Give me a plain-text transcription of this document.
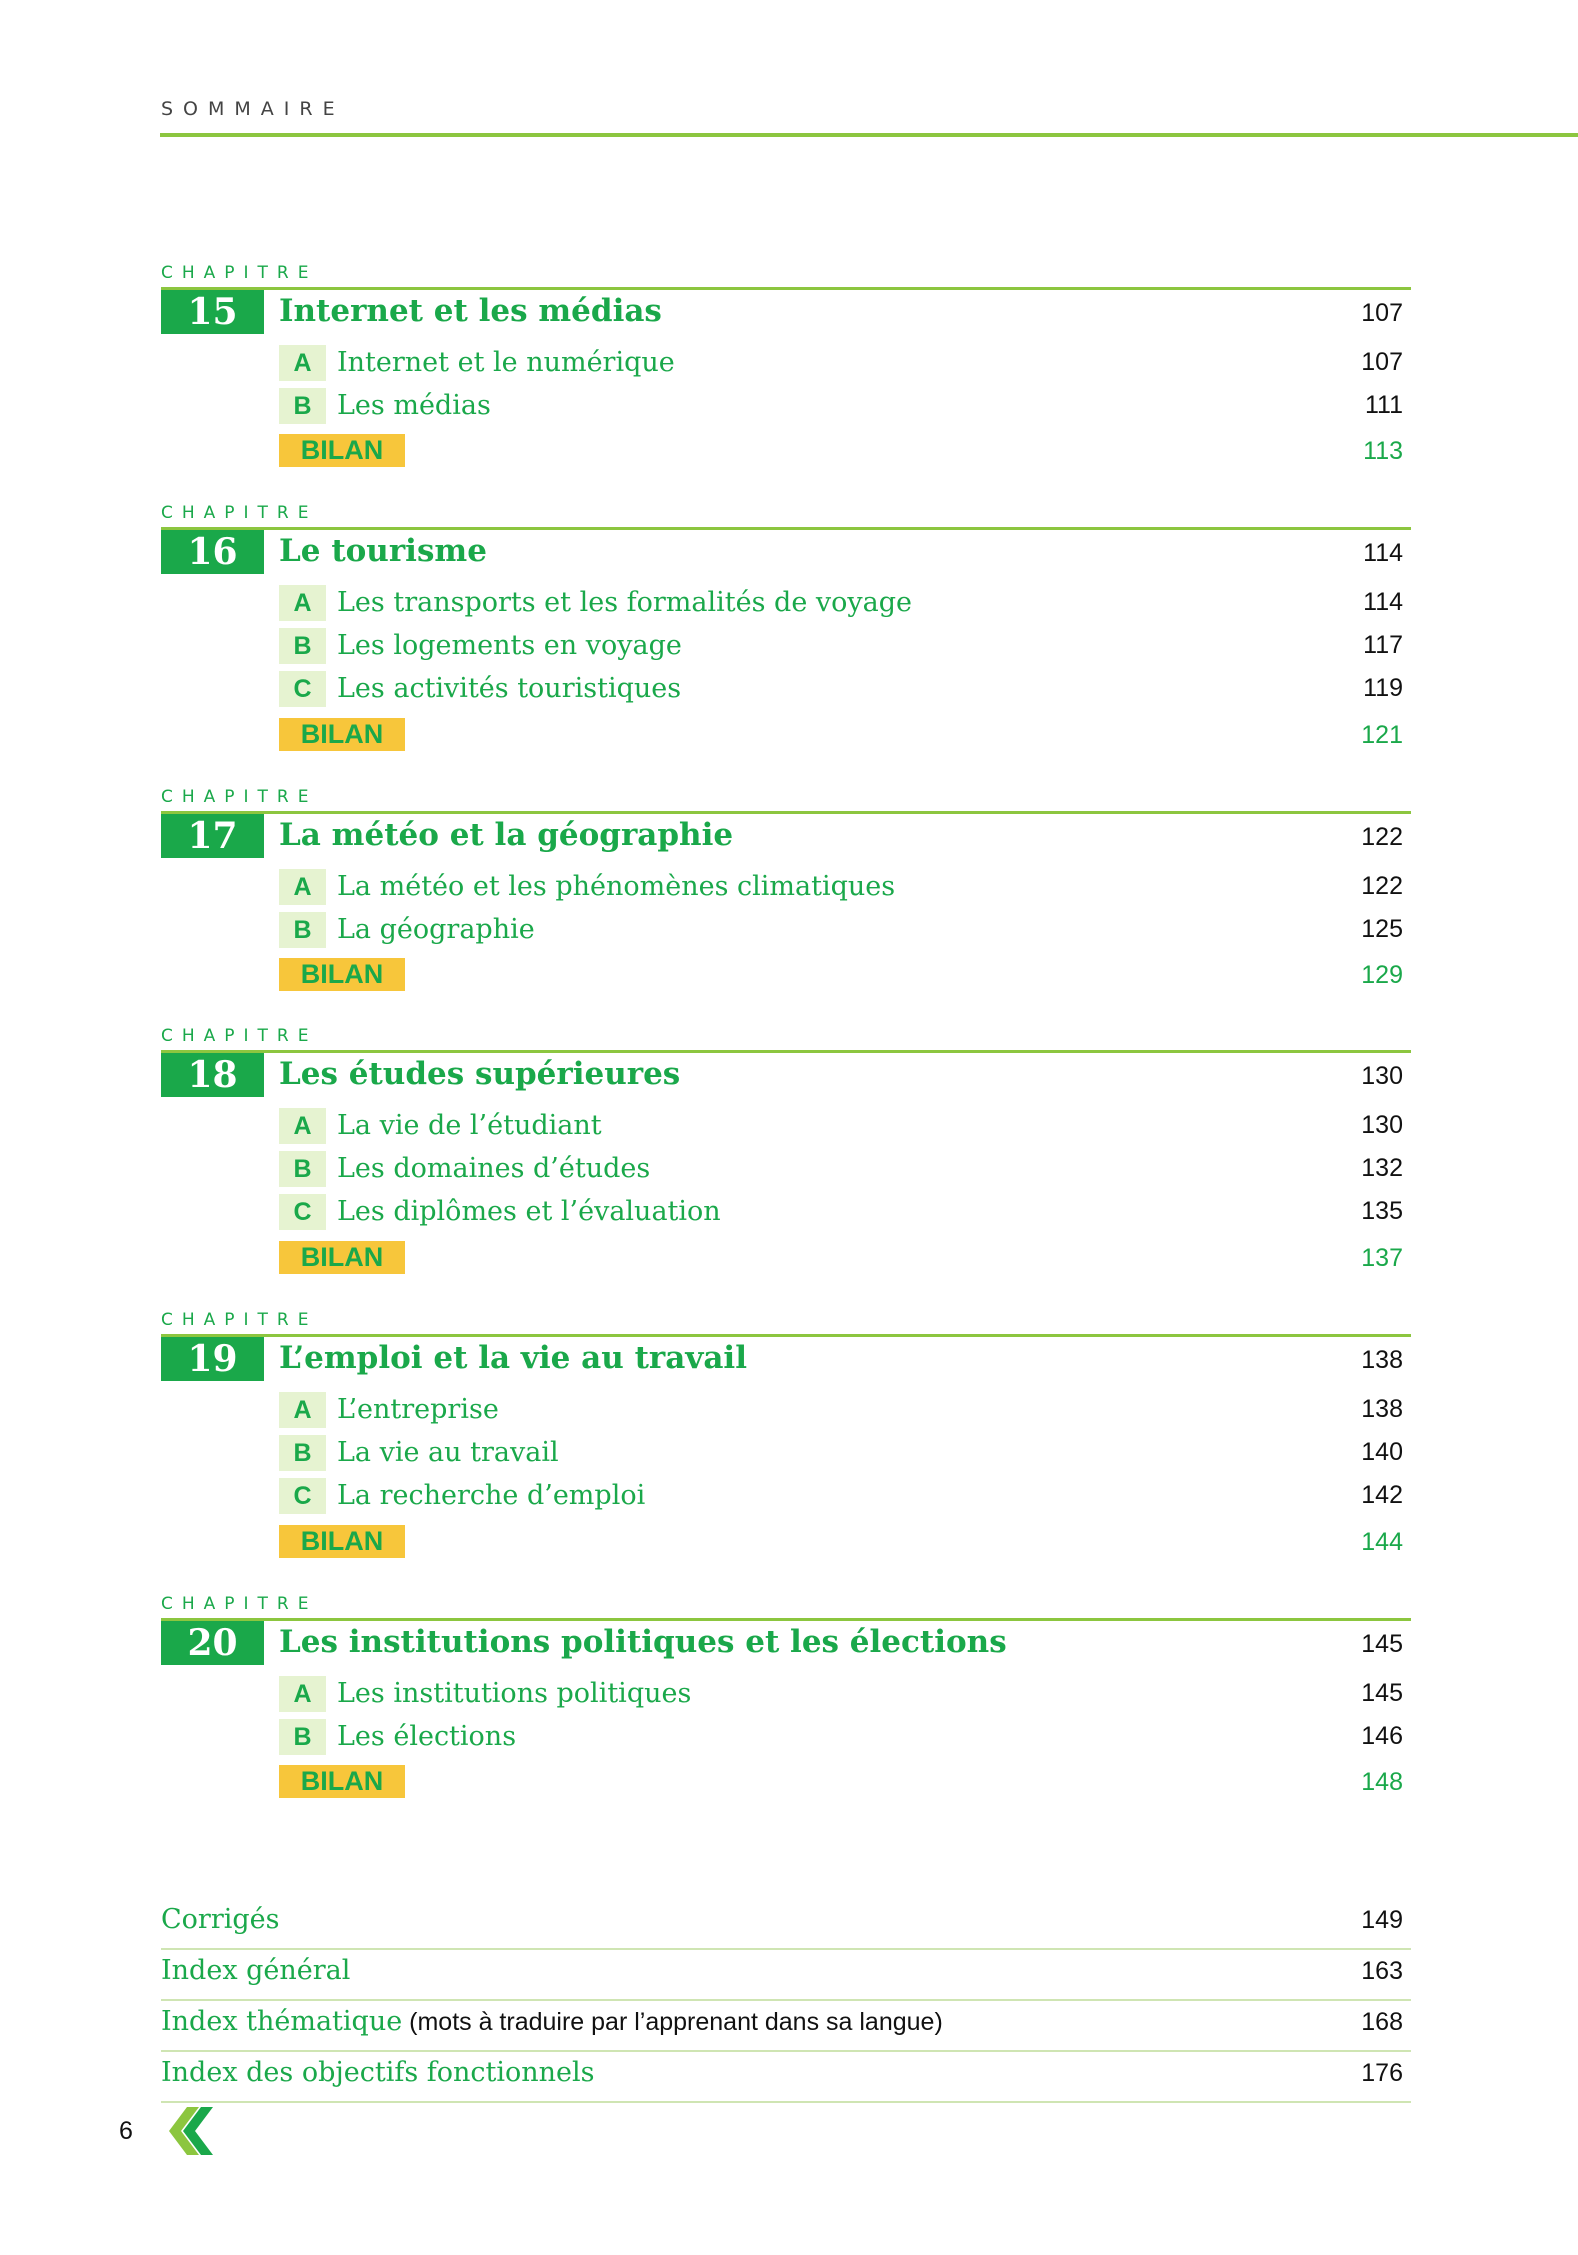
SOMMAIRE
CHAPITRE
15	Internet et les médias	107
A Internet et le numérique	107
B Les médias	111
BILAN	113
CHAPITRE
16	Le tourisme	114
A Les transports et les formalités de voyage	114
B Les logements en voyage	117
C Les activités touristiques	119
BILAN	121
CHAPITRE
17	La météo et la géographie	122
A La météo et les phénomènes climatiques	122
B La géographie	125
BILAN	129
CHAPITRE
18	Les études supérieures	130
A La vie de l’étudiant	130
B Les domaines d’études	132
C Les diplômes et l’évaluation	135
BILAN	137
CHAPITRE
19	L’emploi et la vie au travail	138
A L’entreprise	138
B La vie au travail	140
C La recherche d’emploi	142
BILAN	144
CHAPITRE
20	Les institutions politiques et les élections	145
A Les institutions politiques	145
B Les élections	146
BILAN	148
Corrigés	149
Index général	163
Index thématique (mots à traduire par l’apprenant dans sa langue)	168
Index des objectifs fonctionnels	176
6
